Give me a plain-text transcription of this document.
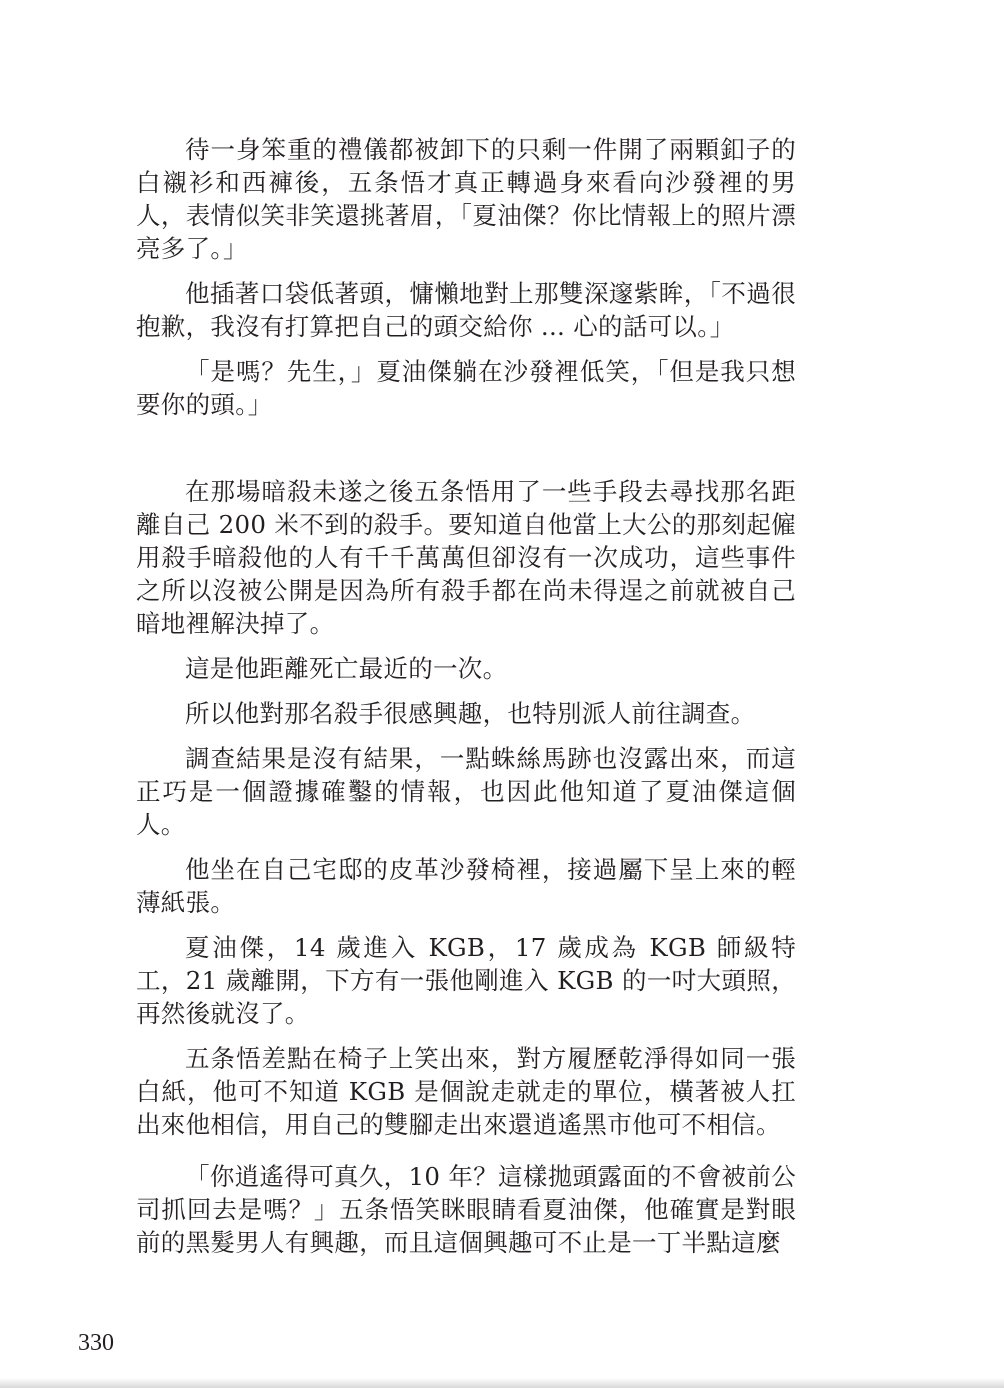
待一身笨重的禮儀都被卸下的只剩一件開了兩顆釦子的白襯衫和西褲後，五条悟才真正轉過身來看向沙發裡的男人，表情似笑非笑還挑著眉，「夏油傑？你比情報上的照片漂亮多了。」

他插著口袋低著頭，慵懶地對上那雙深邃紫眸，「不過很抱歉，我沒有打算把自己的頭交給你 ... 心的話可以。」

「是嗎？先生，」夏油傑躺在沙發裡低笑，「但是我只想要你的頭。」

在那場暗殺未遂之後五条悟用了一些手段去尋找那名距離自己 200 米不到的殺手。要知道自他當上大公的那刻起僱用殺手暗殺他的人有千千萬萬但卻沒有一次成功，這些事件之所以沒被公開是因為所有殺手都在尚未得逞之前就被自己暗地裡解決掉了。

這是他距離死亡最近的一次。

所以他對那名殺手很感興趣，也特別派人前往調查。

調查結果是沒有結果，一點蛛絲馬跡也沒露出來，而這正巧是一個證據確鑿的情報，也因此他知道了夏油傑這個人。

他坐在自己宅邸的皮革沙發椅裡，接過屬下呈上來的輕薄紙張。

夏油傑，14 歲進入 KGB，17 歲成為 KGB 師級特工，21 歲離開，下方有一張他剛進入 KGB 的一吋大頭照，再然後就沒了。

五条悟差點在椅子上笑出來，對方履歷乾淨得如同一張白紙，他可不知道 KGB 是個說走就走的單位，橫著被人扛出來他相信，用自己的雙腳走出來還逍遙黑市他可不相信。

「你逍遙得可真久，10 年？這樣拋頭露面的不會被前公司抓回去是嗎？」五条悟笑眯眼睛看夏油傑，他確實是對眼前的黑髮男人有興趣，而且這個興趣可不止是一丁半點這麼

330
